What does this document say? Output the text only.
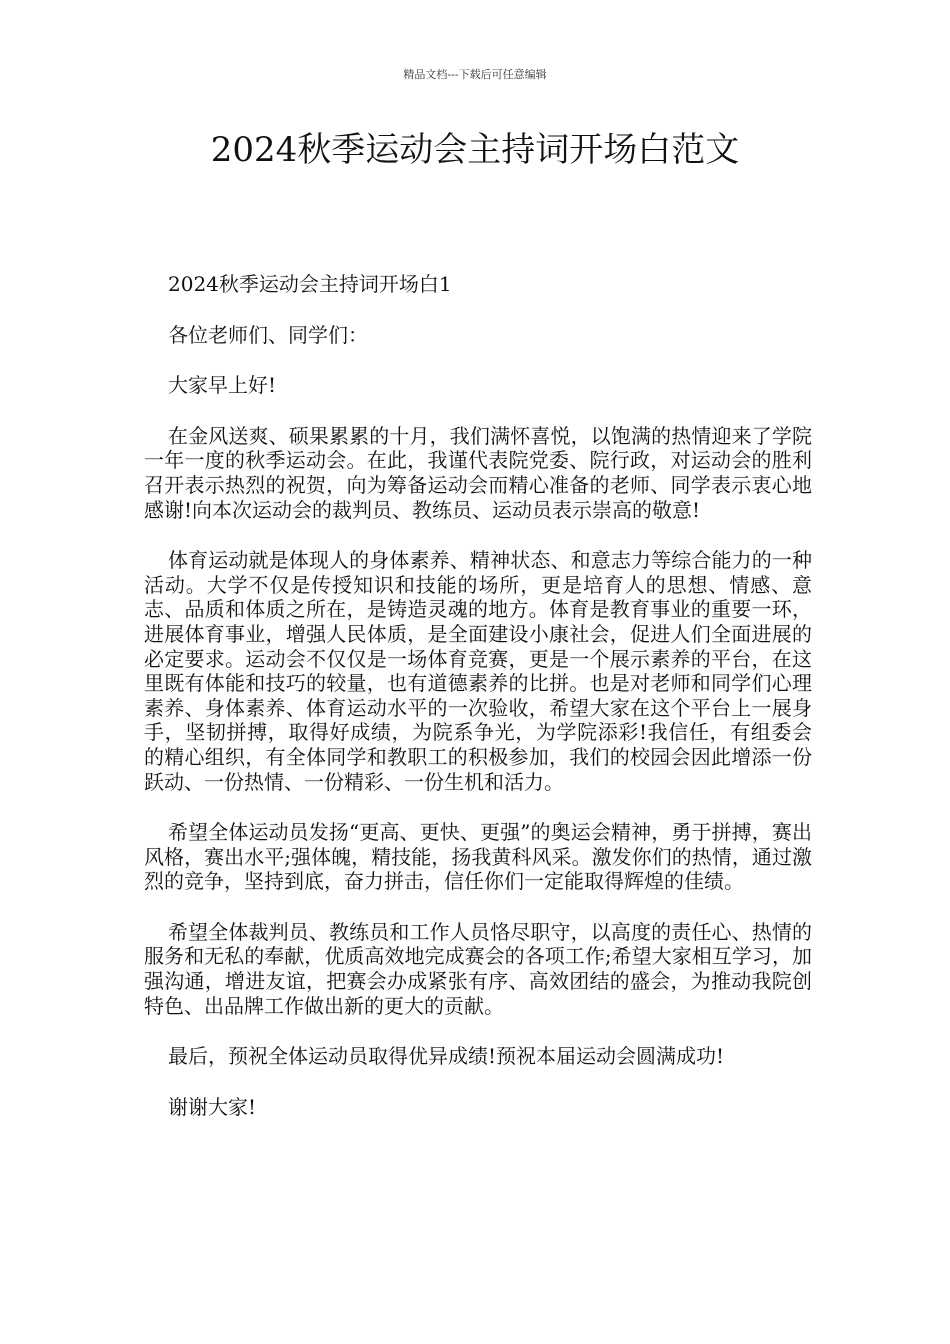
精品文档---下载后可任意编辑
2024秋季运动会主持词开场白范文

2024秋季运动会主持词开场白1

各位老师们、同学们：

大家早上好!

在金风送爽、硕果累累的十月，我们满怀喜悦，以饱满的热情迎来了学院一年一度的秋季运动会。在此，我谨代表院党委、院行政，对运动会的胜利召开表示热烈的祝贺，向为筹备运动会而精心准备的老师、同学表示衷心地感谢!向本次运动会的裁判员、教练员、运动员表示崇高的敬意!

体育运动就是体现人的身体素养、精神状态、和意志力等综合能力的一种活动。大学不仅是传授知识和技能的场所，更是培育人的思想、情感、意志、品质和体质之所在，是铸造灵魂的地方。体育是教育事业的重要一环，进展体育事业，增强人民体质，是全面建设小康社会，促进人们全面进展的必定要求。运动会不仅仅是一场体育竞赛，更是一个展示素养的平台，在这里既有体能和技巧的较量，也有道德素养的比拼。也是对老师和同学们心理素养、身体素养、体育运动水平的一次验收，希望大家在这个平台上一展身手，坚韧拼搏，取得好成绩，为院系争光，为学院添彩!我信任，有组委会的精心组织，有全体同学和教职工的积极参加，我们的校园会因此增添一份跃动、一份热情、一份精彩、一份生机和活力。

希望全体运动员发扬“更高、更快、更强”的奥运会精神，勇于拼搏，赛出风格，赛出水平;强体魄，精技能，扬我黄科风采。激发你们的热情，通过激烈的竞争，坚持到底，奋力拼击，信任你们一定能取得辉煌的佳绩。

希望全体裁判员、教练员和工作人员恪尽职守，以高度的责任心、热情的服务和无私的奉献，优质高效地完成赛会的各项工作;希望大家相互学习，加强沟通，增进友谊，把赛会办成紧张有序、高效团结的盛会，为推动我院创特色、出品牌工作做出新的更大的贡献。

最后，预祝全体运动员取得优异成绩!预祝本届运动会圆满成功!

谢谢大家!
